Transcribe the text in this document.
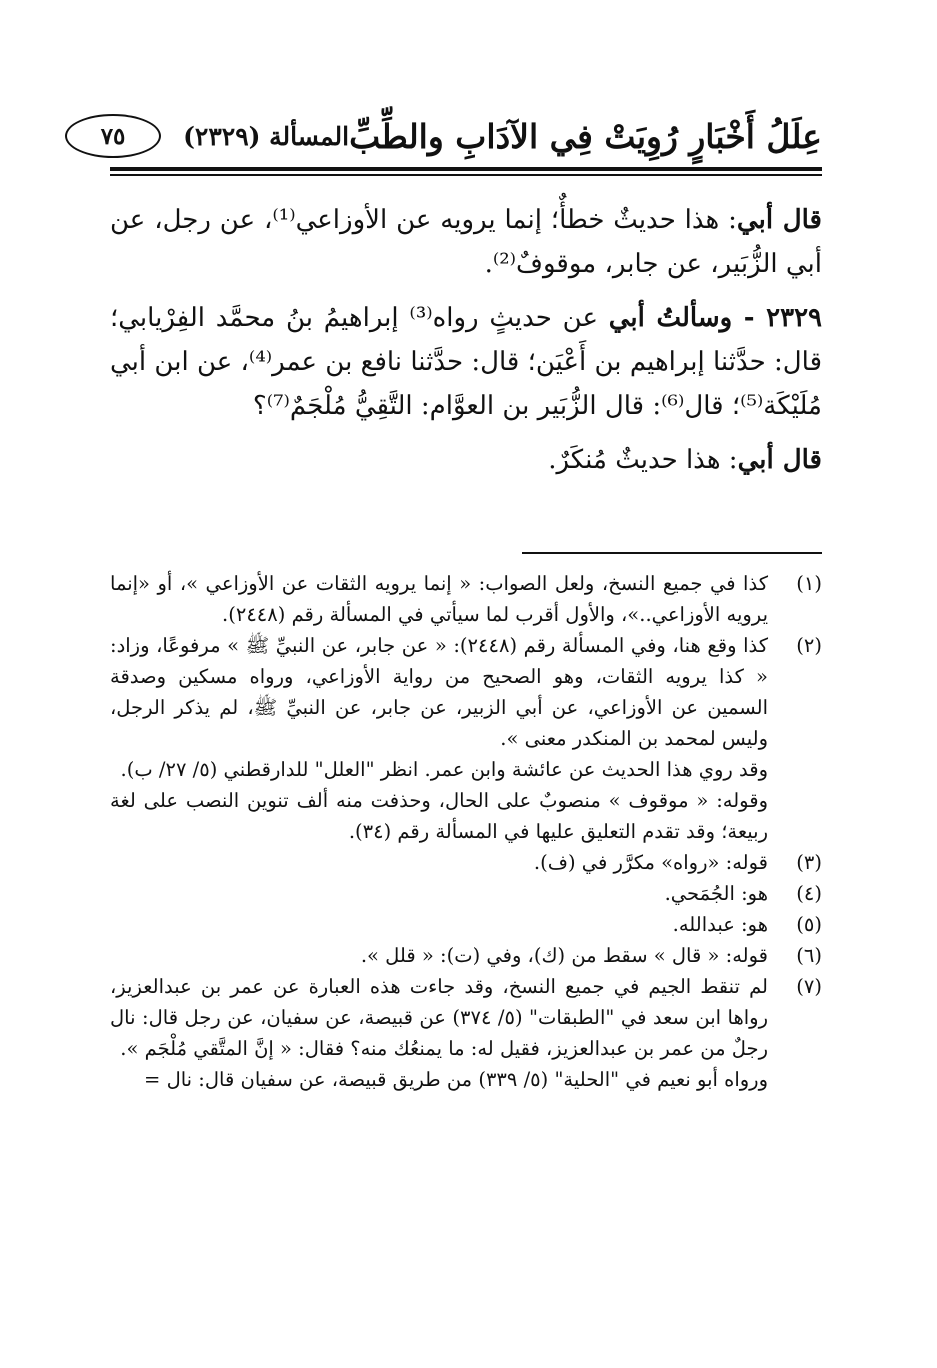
عِلَلُ أَخْبَارٍ رُوِيَتْ فِي الآدَابِ والطِّبِّ
المسألة (٢٣٢٩)
٧٥

قال أبي: هذا حديثٌ خطأٌ؛ إنما يرويه عن الأوزاعي⁽¹⁾، عن رجل، عن أبي الزُّبَير، عن جابر، موقوفٌ⁽²⁾.

٢٣٢٩ - وسألتُ أبي عن حديثٍ رواه⁽³⁾ إبراهيمُ بنُ محمَّد الفِرْيابي؛ قال: حدَّثنا إبراهيم بن أَعْيَن؛ قال: حدَّثنا نافع بن عمر⁽⁴⁾، عن ابن أبي مُلَيْكَة⁽⁵⁾؛ قال⁽⁶⁾: قال الزُّبَير بن العوَّام: التَّقِيُّ مُلْجَمٌ⁽⁷⁾؟

قال أبي: هذا حديثٌ مُنكَرٌ.

(١)

كذا في جميع النسخ، ولعل الصواب: « إنما يرويه الثقات عن الأوزاعي »، أو «إنما يرويه الأوزاعي..»، والأول أقرب لما سيأتي في المسألة رقم (٢٤٤٨).

(٢)

كذا وقع هنا، وفي المسألة رقم (٢٤٤٨): « عن جابر، عن النبيِّ ﷺ » مرفوعًا، وزاد: « كذا يرويه الثقات، وهو الصحيح من رواية الأوزاعي، ورواه مسكين وصدقة السمين عن الأوزاعي، عن أبي الزبير، عن جابر، عن النبيِّ ﷺ، لم يذكر الرجل، وليس لمحمد بن المنكدر معنى ».

وقد روي هذا الحديث عن عائشة وابن عمر. انظر "العلل" للدارقطني (٥/ ٢٧/ ب).

وقوله: « موقوف » منصوبٌ على الحال، وحذفت منه ألف تنوين النصب على لغة ربيعة؛ وقد تقدم التعليق عليها في المسألة رقم (٣٤).

(٣)

قوله: «رواه» مكرَّر في (ف).

(٤)

هو: الجُمَحي.

(٥)

هو: عبدالله.

(٦)

قوله: « قال » سقط من (ك)، وفي (ت): « قلل ».

(٧)

لم تنقط الجيم في جميع النسخ، وقد جاءت هذه العبارة عن عمر بن عبدالعزيز، رواها ابن سعد في "الطبقات" (٥/ ٣٧٤) عن قبيصة، عن سفيان، عن رجل قال: نال رجلٌ من عمر بن عبدالعزيز، فقيل له: ما يمنعُك منه؟ فقال: « إنَّ المتَّقي مُلْجَم ».

ورواه أبو نعيم في "الحلية" (٥/ ٣٣٩) من طريق قبيصة، عن سفيان قال: نال =
